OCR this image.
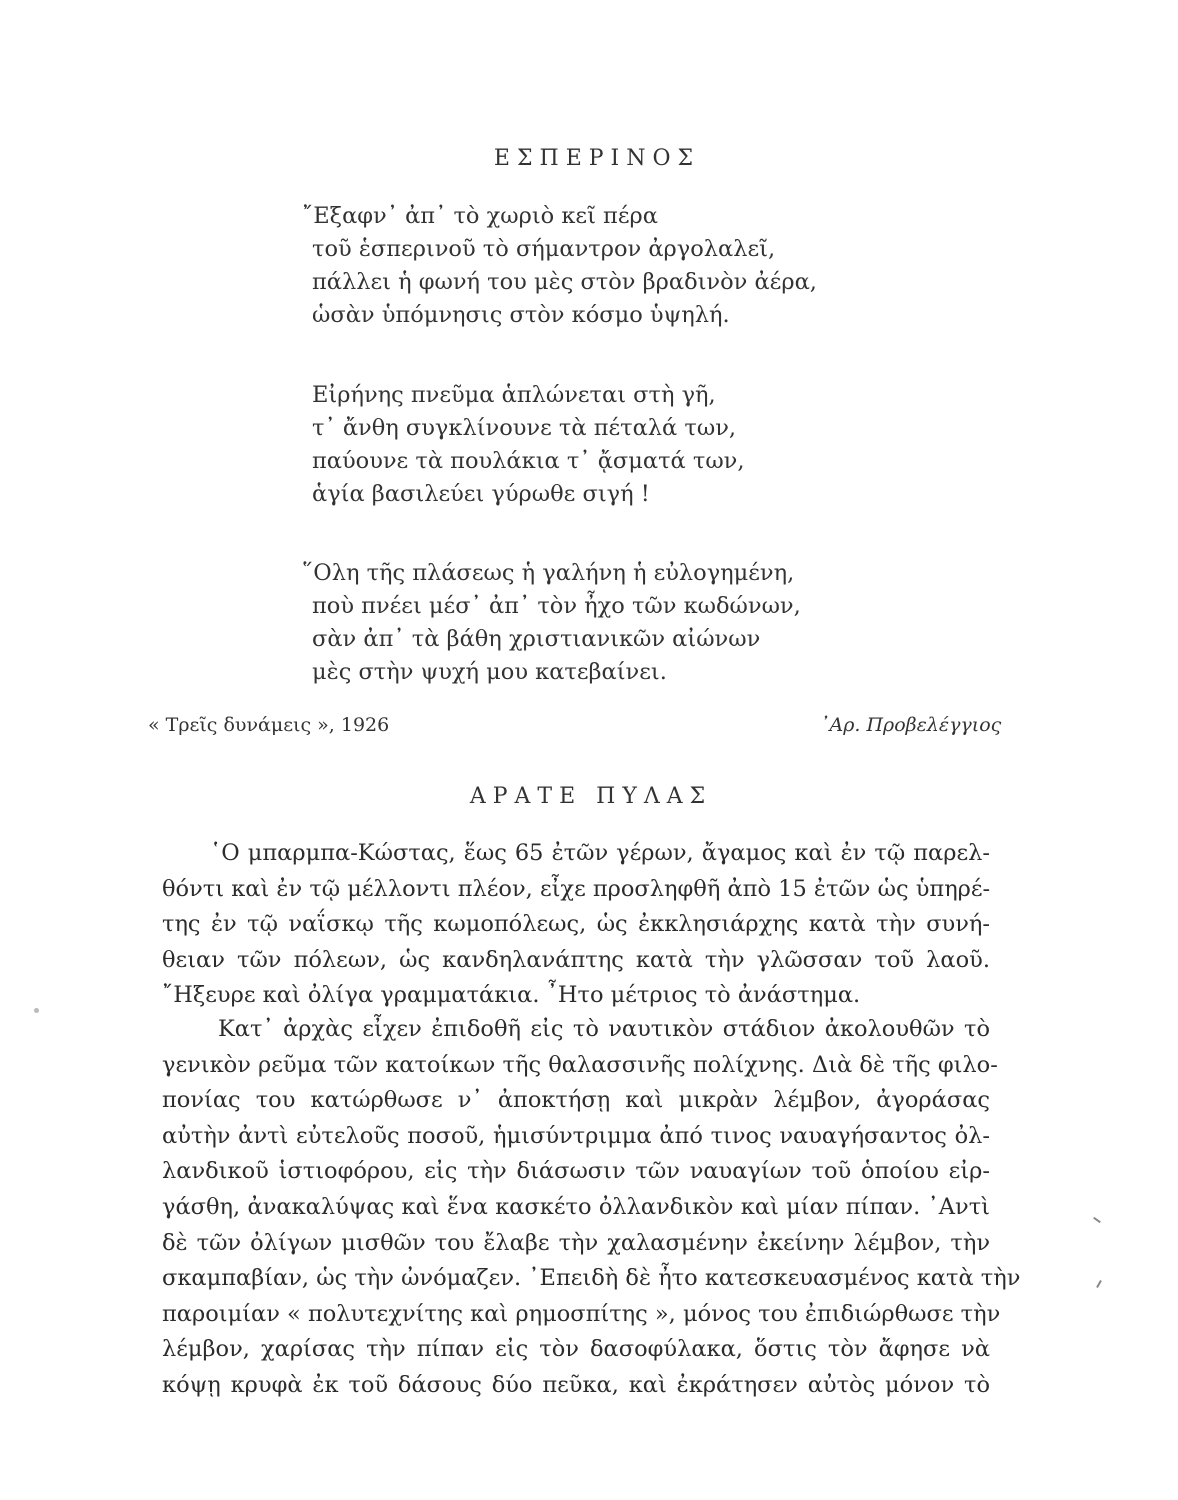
ΕΣΠΕΡΙΝΟΣ
῎Εξαφν᾽ ἀπ᾽ τὸ χωριὸ κεῖ πέρα
τοῦ ἑσπερινοῦ τὸ σήμαντρον ἀργολαλεῖ,
πάλλει ἡ φωνή του μὲς στὸν βραδινὸν ἀέρα,
ὡσὰν ὑπόμνησις στὸν κόσμο ὑψηλή.
Εἰρήνης πνεῦμα ἁπλώνεται στὴ γῆ,
τ᾽ ἄνθη συγκλίνουνε τὰ πέταλά των,
παύουνε τὰ πουλάκια τ᾽ ᾄσματά των,
ἁγία βασιλεύει γύρωθε σιγή !
῞Ολη τῆς πλάσεως ἡ γαλήνη ἡ εὐλογημένη,
ποὺ πνέει μέσ᾽ ἀπ᾽ τὸν ἦχο τῶν κωδώνων,
σὰν ἀπ᾽ τὰ βάθη χριστιανικῶν αἰώνων
μὲς στὴν ψυχή μου κατεβαίνει.
« Τρεῖς δυνάμεις », 1926	᾽Αρ. Προβελέγγιος
ΑΡΑΤΕ ΠΥΛΑΣ
῾Ο μπαρμπα-Κώστας, ἕως 65 ἐτῶν γέρων, ἄγαμος καὶ ἐν τῷ παρελ-
θόντι καὶ ἐν τῷ μέλλοντι πλέον, εἶχε προσληφθῆ ἀπὸ 15 ἐτῶν ὡς ὑπηρέ-
της ἐν τῷ ναΐσκῳ τῆς κωμοπόλεως, ὡς ἐκκλησιάρχης κατὰ τὴν συνή-
θειαν τῶν πόλεων, ὡς κανδηλανάπτης κατὰ τὴν γλῶσσαν τοῦ λαοῦ.
῎Ηξευρε καὶ ὀλίγα γραμματάκια. ῏Ητο μέτριος τὸ ἀνάστημα.
Κατ᾽ ἀρχὰς εἶχεν ἐπιδοθῆ εἰς τὸ ναυτικὸν στάδιον ἀκολουθῶν τὸ
γενικὸν ρεῦμα τῶν κατοίκων τῆς θαλασσινῆς πολίχνης. Διὰ δὲ τῆς φιλο-
πονίας του κατώρθωσε ν᾽ ἀποκτήσῃ καὶ μικρὰν λέμβον, ἀγοράσας
αὐτὴν ἀντὶ εὐτελοῦς ποσοῦ, ἡμισύντριμμα ἀπό τινος ναυαγήσαντος ὀλ-
λανδικοῦ ἱστιοφόρου, εἰς τὴν διάσωσιν τῶν ναυαγίων τοῦ ὁποίου εἰρ-
γάσθη, ἀνακαλύψας καὶ ἕνα κασκέτο ὀλλανδικὸν καὶ μίαν πίπαν. ᾽Αντὶ
δὲ τῶν ὀλίγων μισθῶν του ἔλαβε τὴν χαλασμένην ἐκείνην λέμβον, τὴν
σκαμπαβίαν, ὡς τὴν ὠνόμαζεν. ᾽Επειδὴ δὲ ἦτο κατεσκευασμένος κατὰ τὴν
παροιμίαν « πολυτεχνίτης καὶ ρημοσπίτης », μόνος του ἐπιδιώρθωσε τὴν
λέμβον, χαρίσας τὴν πίπαν εἰς τὸν δασοφύλακα, ὅστις τὸν ἄφησε νὰ
κόψῃ κρυφὰ ἐκ τοῦ δάσους δύο πεῦκα, καὶ ἐκράτησεν αὐτὸς μόνον τὸ
